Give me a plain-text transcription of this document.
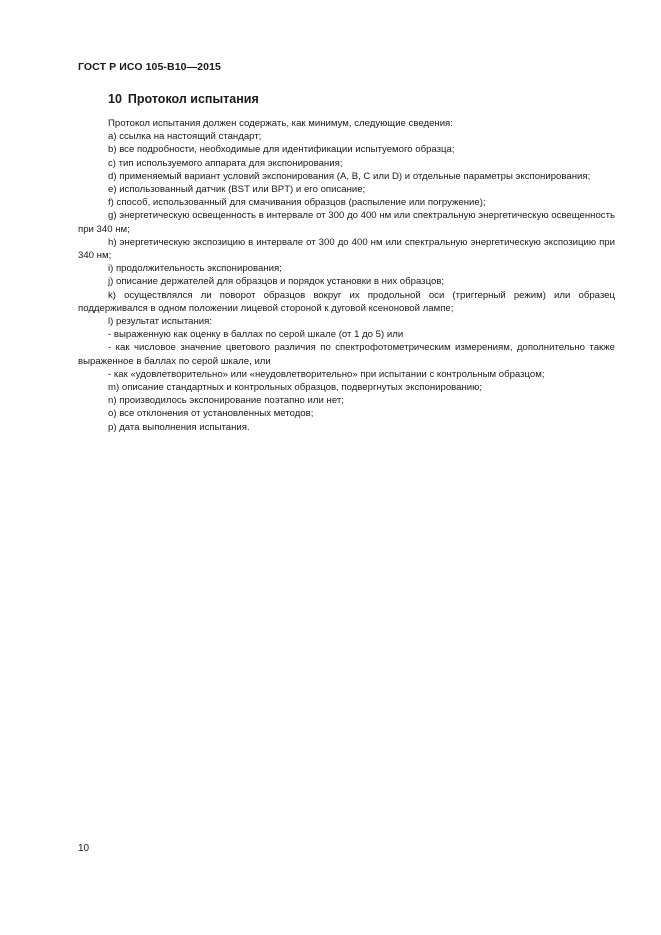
ГОСТ Р ИСО 105-В10—2015
10 Протокол испытания

Протокол испытания должен содержать, как минимум, следующие сведения:

a) ссылка на настоящий стандарт;

b) все подробности, необходимые для идентификации испытуемого образца;

c) тип используемого аппарата для экспонирования;

d) применяемый вариант условий экспонирования (A, B, C или D) и отдельные параметры экспонирования;

e) использованный датчик (BST или BPT) и его описание;

f) способ, использованный для смачивания образцов (распыление или погружение);

g) энергетическую освещенность в интервале от 300 до 400 нм или спектральную энергетическую освещенность при 340 нм;

h) энергетическую экспозицию в интервале от 300 до 400 нм или спектральную энергетическую экспозицию при 340 нм;

i) продолжительность экспонирования;

j) описание держателей для образцов и порядок установки в них образцов;

k) осуществлялся ли поворот образцов вокруг их продольной оси (триггерный режим) или образец поддерживался в одном положении лицевой стороной к дуговой ксеноновой лампе;

l) результат испытания:

- выраженную как оценку в баллах по серой шкале (от 1 до 5) или

- как числовое значение цветового различия по спектрофотометрическим измерениям, дополнительно также выраженное в баллах по серой шкале, или

- как «удовлетворительно» или «неудовлетворительно» при испытании с контрольным образцом;

m) описание стандартных и контрольных образцов, подвергнутых экспонированию;

n) производилось экспонирование поэтапно или нет;

o) все отклонения от установленных методов;

p) дата выполнения испытания.

10
